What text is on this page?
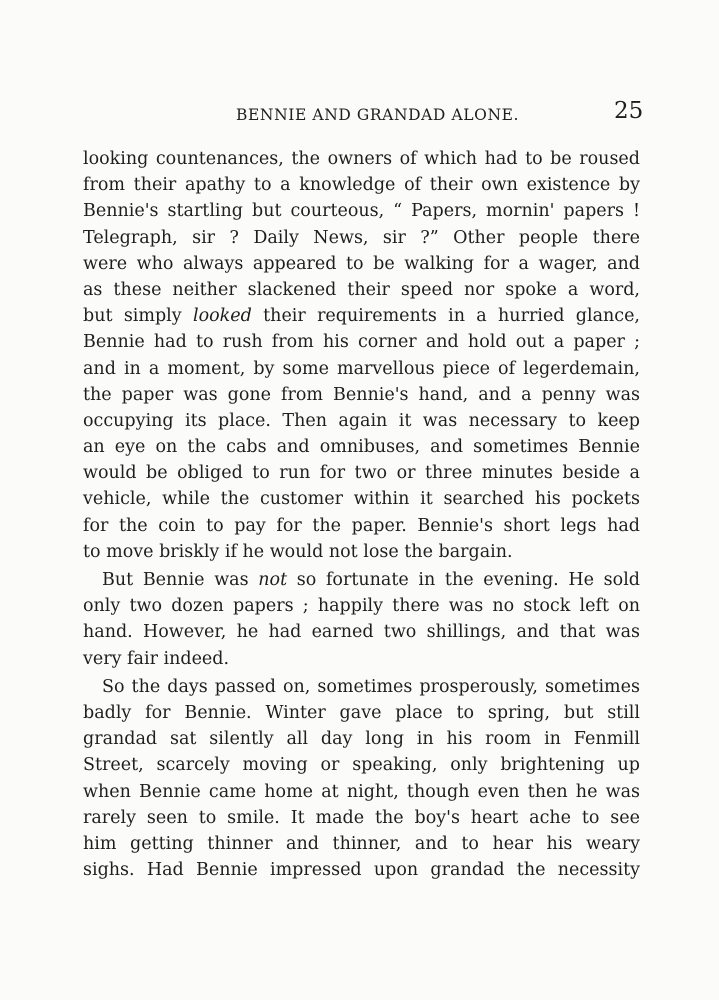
BENNIE AND GRANDAD ALONE.	25
looking countenances, the owners of which had to be roused
from their apathy to a knowledge of their own existence by
Bennie's startling but courteous, “ Papers, mornin' papers !
Telegraph, sir ? Daily News, sir ?” Other people there
were who always appeared to be walking for a wager, and
as these neither slackened their speed nor spoke a word,
but simply looked their requirements in a hurried glance,
Bennie had to rush from his corner and hold out a paper ;
and in a moment, by some marvellous piece of legerdemain,
the paper was gone from Bennie's hand, and a penny was
occupying its place. Then again it was necessary to keep
an eye on the cabs and omnibuses, and sometimes Bennie
would be obliged to run for two or three minutes beside a
vehicle, while the customer within it searched his pockets
for the coin to pay for the paper. Bennie's short legs had
to move briskly if he would not lose the bargain.
But Bennie was not so fortunate in the evening. He sold
only two dozen papers ; happily there was no stock left on
hand. However, he had earned two shillings, and that was
very fair indeed.
So the days passed on, sometimes prosperously, sometimes
badly for Bennie. Winter gave place to spring, but still
grandad sat silently all day long in his room in Fenmill
Street, scarcely moving or speaking, only brightening up
when Bennie came home at night, though even then he was
rarely seen to smile. It made the boy's heart ache to see
him getting thinner and thinner, and to hear his weary
sighs. Had Bennie impressed upon grandad the necessity
